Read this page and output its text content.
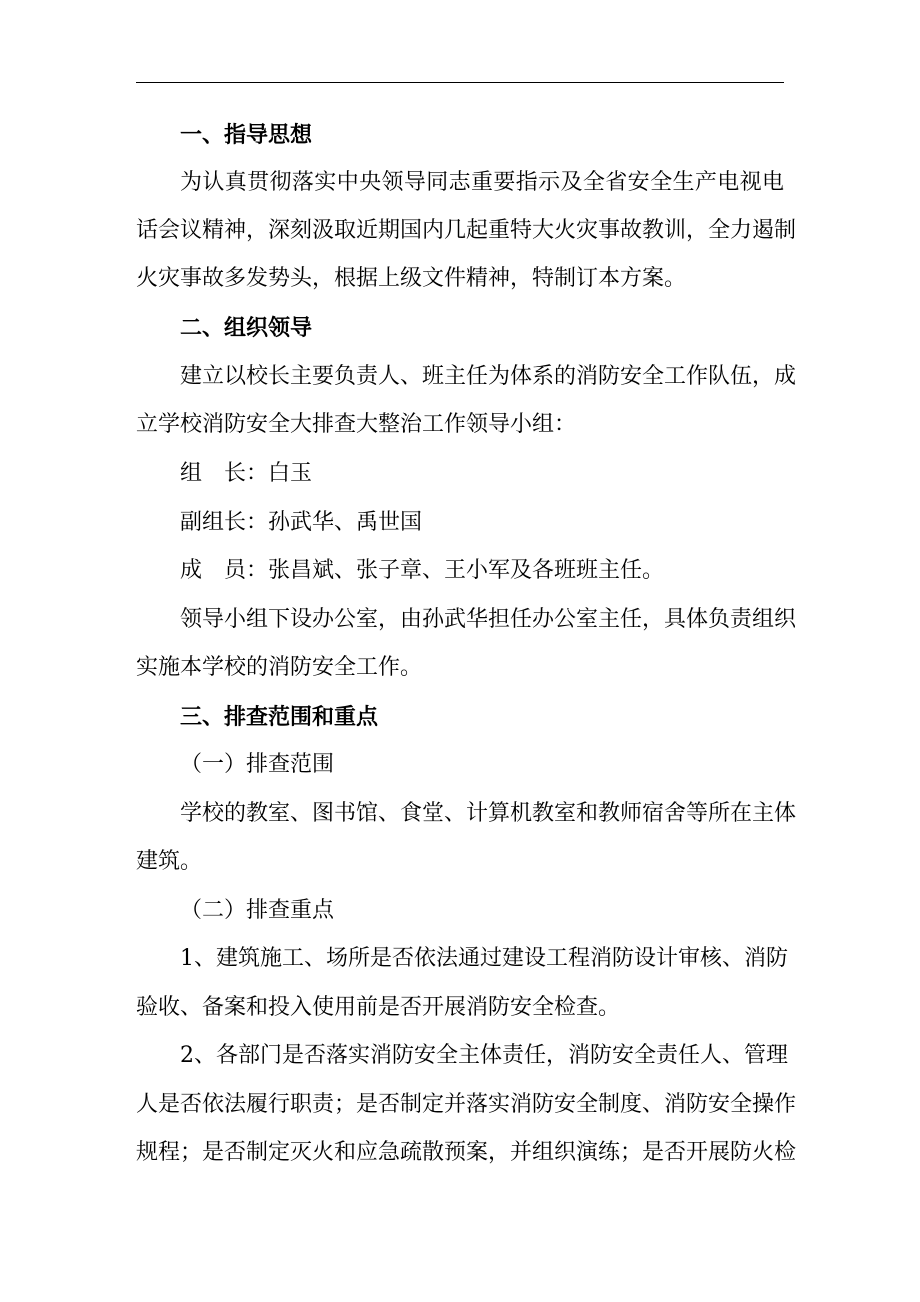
一、指导思想
为认真贯彻落实中央领导同志重要指示及全省安全生产电视电
话会议精神，深刻汲取近期国内几起重特大火灾事故教训，全力遏制
火灾事故多发势头，根据上级文件精神，特制订本方案。
二、组织领导
建立以校长主要负责人、班主任为体系的消防安全工作队伍，成
立学校消防安全大排查大整治工作领导小组：
组　长：白玉
副组长：孙武华、禹世国
成　员：张昌斌、张子章、王小军及各班班主任。
领导小组下设办公室，由孙武华担任办公室主任，具体负责组织
实施本学校的消防安全工作。
三、排查范围和重点
（一）排查范围
学校的教室、图书馆、食堂、计算机教室和教师宿舍等所在主体
建筑。
（二）排查重点
1、建筑施工、场所是否依法通过建设工程消防设计审核、消防
验收、备案和投入使用前是否开展消防安全检查。
2、各部门是否落实消防安全主体责任，消防安全责任人、管理
人是否依法履行职责；是否制定并落实消防安全制度、消防安全操作
规程；是否制定灭火和应急疏散预案，并组织演练；是否开展防火检
